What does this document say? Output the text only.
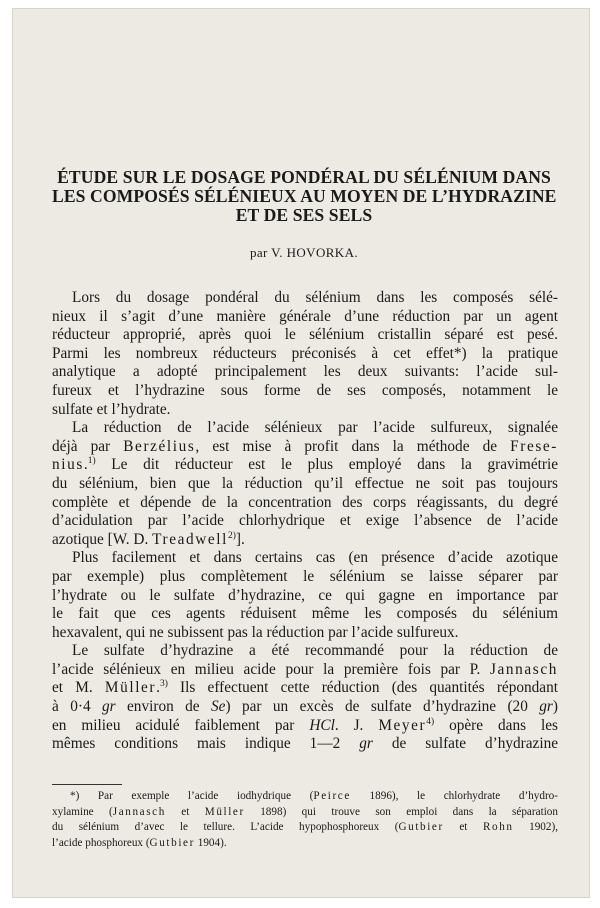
ÉTUDE SUR LE DOSAGE PONDÉRAL DU SÉLÉNIUM DANS
LES COMPOSÉS SÉLÉNIEUX AU MOYEN DE L’HYDRAZINE
ET DE SES SELS
par V. HOVORKA.
Lors du dosage pondéral du sélénium dans les composés sélé-
nieux il s’agit d’une manière générale d’une réduction par un agent
réducteur approprié, après quoi le sélénium cristallin séparé est pesé.
Parmi les nombreux réducteurs préconisés à cet effet*) la pratique
analytique a adopté principalement les deux suivants: l’acide sul-
fureux et l’hydrazine sous forme de ses composés, notamment le
sulfate et l’hydrate.
La réduction de l’acide sélénieux par l’acide sulfureux, signalée
déjà par Berzélius, est mise à profit dans la méthode de Frese-
nius.$^{1)}$ Le dit réducteur est le plus employé dans la gravimétrie
du sélénium, bien que la réduction qu’il effectue ne soit pas toujours
complète et dépende de la concentration des corps réagissants, du degré
d’acidulation par l’acide chlorhydrique et exige l’absence de l’acide
azotique [W. D. Treadwell$^{2)}$].
Plus facilement et dans certains cas (en présence d’acide azotique
par exemple) plus complètement le sélénium se laisse séparer par
l’hydrate ou le sulfate d’hydrazine, ce qui gagne en importance par
le fait que ces agents réduisent même les composés du sélénium
hexavalent, qui ne subissent pas la réduction par l’acide sulfureux.
Le sulfate d’hydrazine a été recommandé pour la réduction de
l’acide sélénieux en milieu acide pour la première fois par P. Jannasch
et M. Müller.$^{3)}$ Ils effectuent cette réduction (des quantités répondant
à 0·4 gr environ de Se) par un excès de sulfate d’hydrazine (20 gr)
en milieu acidulé faiblement par HCl. J. Meyer$^{4)}$ opère dans les
mêmes conditions mais indique 1—2 gr de sulfate d’hydrazine
*) Par exemple l’acide iodhydrique (Peirce 1896), le chlorhydrate d’hydro-
xylamine (Jannasch et Müller 1898) qui trouve son emploi dans la séparation
du sélénium d’avec le tellure. L’acide hypophosphoreux (Gutbier et Rohn 1902),
l’acide phosphoreux (Gutbier 1904).
